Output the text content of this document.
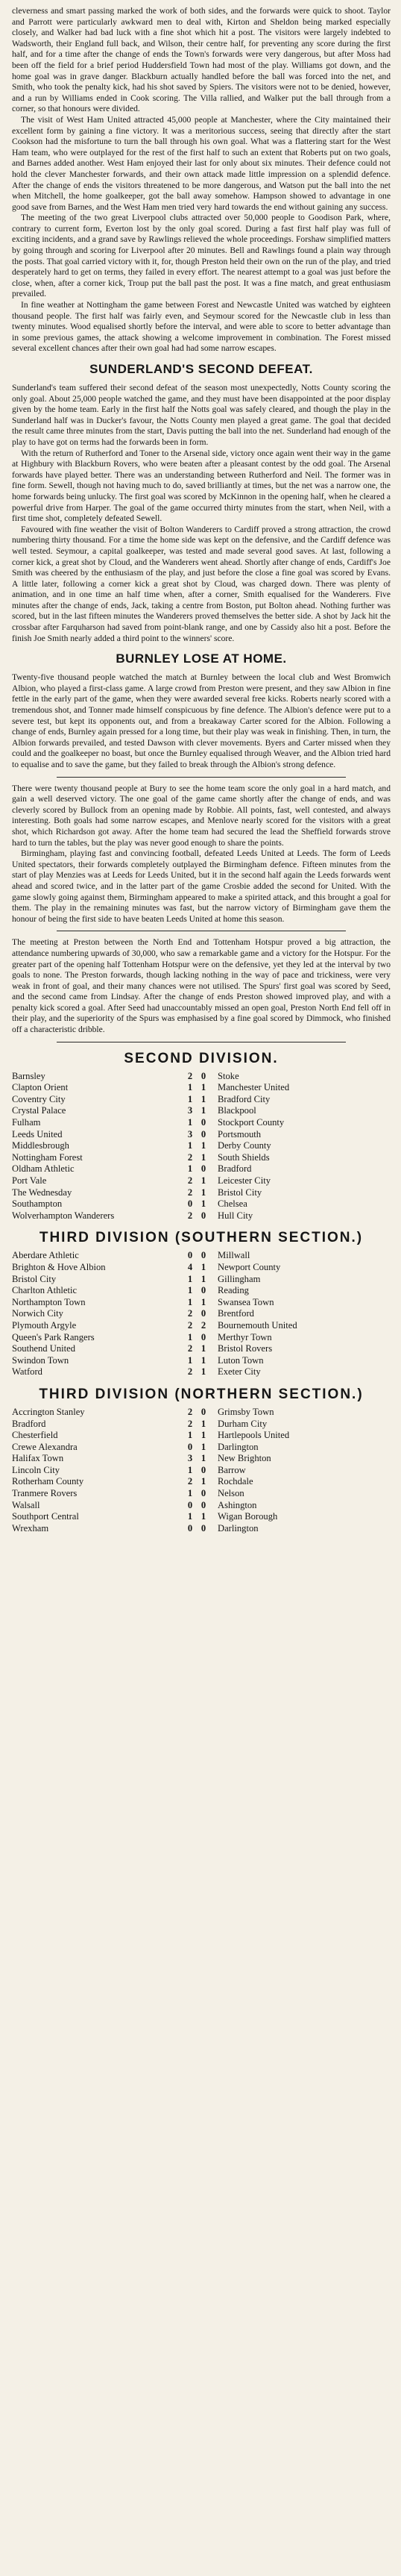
cleverness and smart passing marked the work of both sides, and the forwards were quick to shoot. Taylor and Parrott were particularly awkward men to deal with, Kirton and Sheldon being marked especially closely, and Walker had bad luck with a fine shot which hit a post. The visitors were largely indebted to Wadsworth, their England full back, and Wilson, their centre half, for preventing any score during the first half, and for a time after the change of ends the Town's forwards were very dangerous, but after Moss had been off the field for a brief period Huddersfield Town had most of the play. Williams got down, and the home goal was in grave danger. Blackburn actually handled before the ball was forced into the net, and Smith, who took the penalty kick, had his shot saved by Spiers. The visitors were not to be denied, however, and a run by Williams ended in Cook scoring. The Villa rallied, and Walker put the ball through from a corner, so that honours were divided.

The visit of West Ham United attracted 45,000 people at Manchester, where the City maintained their excellent form by gaining a fine victory. It was a meritorious success, seeing that directly after the start Cookson had the misfortune to turn the ball through his own goal. What was a flattering start for the West Ham team, who were outplayed for the rest of the first half to such an extent that Roberts put on two goals, and Barnes added another. West Ham enjoyed their last for only about six minutes. Their defence could not hold the clever Manchester forwards, and their own attack made little impression on a splendid defence. After the change of ends the visitors threatened to be more dangerous, and Watson put the ball into the net when Mitchell, the home goalkeeper, got the ball away somehow. Hampson showed to advantage in one good save from Barnes, and the West Ham men tried very hard towards the end without gaining any success.

The meeting of the two great Liverpool clubs attracted over 50,000 people to Goodison Park, where, contrary to current form, Everton lost by the only goal scored. During a fast first half play was full of exciting incidents, and a grand save by Rawlings relieved the whole proceedings. Forshaw simplified matters by going through and scoring for Liverpool after 20 minutes. Bell and Rawlings found a plain way through the posts. That goal carried victory with it, for, though Preston held their own on the run of the play, and tried desperately hard to get on terms, they failed in every effort. The nearest attempt to a goal was just before the close, when, after a corner kick, Troup put the ball past the post. It was a fine match, and great enthusiasm prevailed.

In fine weather at Nottingham the game between Forest and Newcastle United was watched by eighteen thousand people. The first half was fairly even, and Seymour scored for the Newcastle club in less than twenty minutes. Wood equalised shortly before the interval, and were able to score to better advantage than in some previous games, the attack showing a welcome improvement in combination. The Forest missed several excellent chances after their own goal had had some narrow escapes.

SUNDERLAND'S SECOND DEFEAT.

Sunderland's team suffered their second defeat of the season most unexpectedly, Notts County scoring the only goal. About 25,000 people watched the game, and they must have been disappointed at the poor display given by the home team. Early in the first half the Notts goal was safely cleared, and though the play in the Sunderland half was in Ducker's favour, the Notts County men played a great game. The goal that decided the result came three minutes from the start, Davis putting the ball into the net. Sunderland had enough of the play to have got on terms had the forwards been in form.

With the return of Rutherford and Toner to the Arsenal side, victory once again went their way in the game at Highbury with Blackburn Rovers, who were beaten after a pleasant contest by the odd goal. The Arsenal forwards have played better. There was an understanding between Rutherford and Neil. The former was in fine form. Sewell, though not having much to do, saved brilliantly at times, but the net was a narrow one, the home forwards being unlucky. The first goal was scored by McKinnon in the opening half, when he cleared a powerful drive from Harper. The goal of the game occurred thirty minutes from the start, when Neil, with a first time shot, completely defeated Sewell.

Favoured with fine weather the visit of Bolton Wanderers to Cardiff proved a strong attraction, the crowd numbering thirty thousand. For a time the home side was kept on the defensive, and the Cardiff defence was well tested. Seymour, a capital goalkeeper, was tested and made several good saves. At last, following a corner kick, a great shot by Cloud, and the Wanderers went ahead. Shortly after change of ends, Cardiff's Joe Smith was cheered by the enthusiasm of the play, and just before the close a fine goal was scored by Evans. A little later, following a corner kick a great shot by Cloud, was charged down. There was plenty of animation, and in one time an half time when, after a corner, Smith equalised for the Wanderers. Five minutes after the change of ends, Jack, taking a centre from Boston, put Bolton ahead. Nothing further was scored, but in the last fifteen minutes the Wanderers proved themselves the better side. A shot by Jack hit the crossbar after Farquharson had saved from point-blank range, and one by Cassidy also hit a post. Before the finish Joe Smith nearly added a third point to the winners' score.

BURNLEY LOSE AT HOME.

Twenty-five thousand people watched the match at Burnley between the local club and West Bromwich Albion, who played a first-class game. A large crowd from Preston were present, and they saw Albion in fine fettle in the early part of the game, when they were awarded several free kicks. Roberts nearly scored with a tremendous shot, and Tonner made himself conspicuous by fine defence. The Albion's defence were put to a severe test, but kept its opponents out, and from a breakaway Carter scored for the Albion. Following a change of ends, Burnley again pressed for a long time, but their play was weak in finishing. Then, in turn, the Albion forwards prevailed, and tested Dawson with clever movements. Byers and Carter missed when they could and the goalkeeper no boast, but once the Burnley equalised through Weaver, and the Albion tried hard to equalise and to save the game, but they failed to break through the Albion's strong defence.

There were twenty thousand people at Bury to see the home team score the only goal in a hard match, and gain a well deserved victory. The one goal of the game came shortly after the change of ends, and was cleverly scored by Bullock from an opening made by Robbie. All points, fast, well contested, and always interesting. Both goals had some narrow escapes, and Menlove nearly scored for the visitors with a great shot, which Richardson got away. After the home team had secured the lead the Sheffield forwards strove hard to turn the tables, but the play was never good enough to share the points.

Birmingham, playing fast and convincing football, defeated Leeds United at Leeds. The form of Leeds United spectators, their forwards completely outplayed the Birmingham defence. Fifteen minutes from the start of play Menzies was at Leeds for Leeds United, but it in the second half again the Leeds forwards went ahead and scored twice, and in the latter part of the game Crosbie added the second for United. With the game slowly going against them, Birmingham appeared to make a spirited attack, and this brought a goal for them. The play in the remaining minutes was fast, but the narrow victory of Birmingham gave them the honour of being the first side to have beaten Leeds United at home this season.

The meeting at Preston between the North End and Tottenham Hotspur proved a big attraction, the attendance numbering upwards of 30,000, who saw a remarkable game and a victory for the Hotspur. For the greater part of the opening half Tottenham Hotspur were on the defensive, yet they led at the interval by two goals to none. The Preston forwards, though lacking nothing in the way of pace and trickiness, were very weak in front of goal, and their many chances were not utilised. The Spurs' first goal was scored by Seed, and the second came from Lindsay. After the change of ends Preston showed improved play, and with a penalty kick scored a goal. After Seed had unaccountably missed an open goal, Preston North End fell off in their play, and the superiority of the Spurs was emphasised by a fine goal scored by Dimmock, who finished off a characteristic dribble.

SECOND DIVISION.
Barnsley	2	0	Stoke
Clapton Orient	1	1	Manchester United
Coventry City	1	1	Bradford City
Crystal Palace	3	1	Blackpool
Fulham	1	0	Stockport County
Leeds United	3	0	Portsmouth
Middlesbrough	1	1	Derby County
Nottingham Forest	2	1	South Shields
Oldham Athletic	1	0	Bradford
Port Vale	2	1	Leicester City
The Wednesday	2	1	Bristol City
Southampton	0	1	Chelsea
Wolverhampton Wanderers	2	0	Hull City
THIRD DIVISION (SOUTHERN SECTION.)
Aberdare Athletic	0	0	Millwall
Brighton & Hove Albion	4	1	Newport County
Bristol City	1	1	Gillingham
Charlton Athletic	1	0	Reading
Northampton Town	1	1	Swansea Town
Norwich City	2	0	Brentford
Plymouth Argyle	2	2	Bournemouth United
Queen's Park Rangers	1	0	Merthyr Town
Southend United	2	1	Bristol Rovers
Swindon Town	1	1	Luton Town
Watford	2	1	Exeter City
THIRD DIVISION (NORTHERN SECTION.)
Accrington Stanley	2	0	Grimsby Town
Bradford	2	1	Durham City
Chesterfield	1	1	Hartlepools United
Crewe Alexandra	0	1	Darlington
Halifax Town	3	1	New Brighton
Lincoln City	1	0	Barrow
Rotherham County	2	1	Rochdale
Tranmere Rovers	1	0	Nelson
Walsall	0	0	Ashington
Southport Central	1	1	Wigan Borough
Wrexham	0	0	Darlington
